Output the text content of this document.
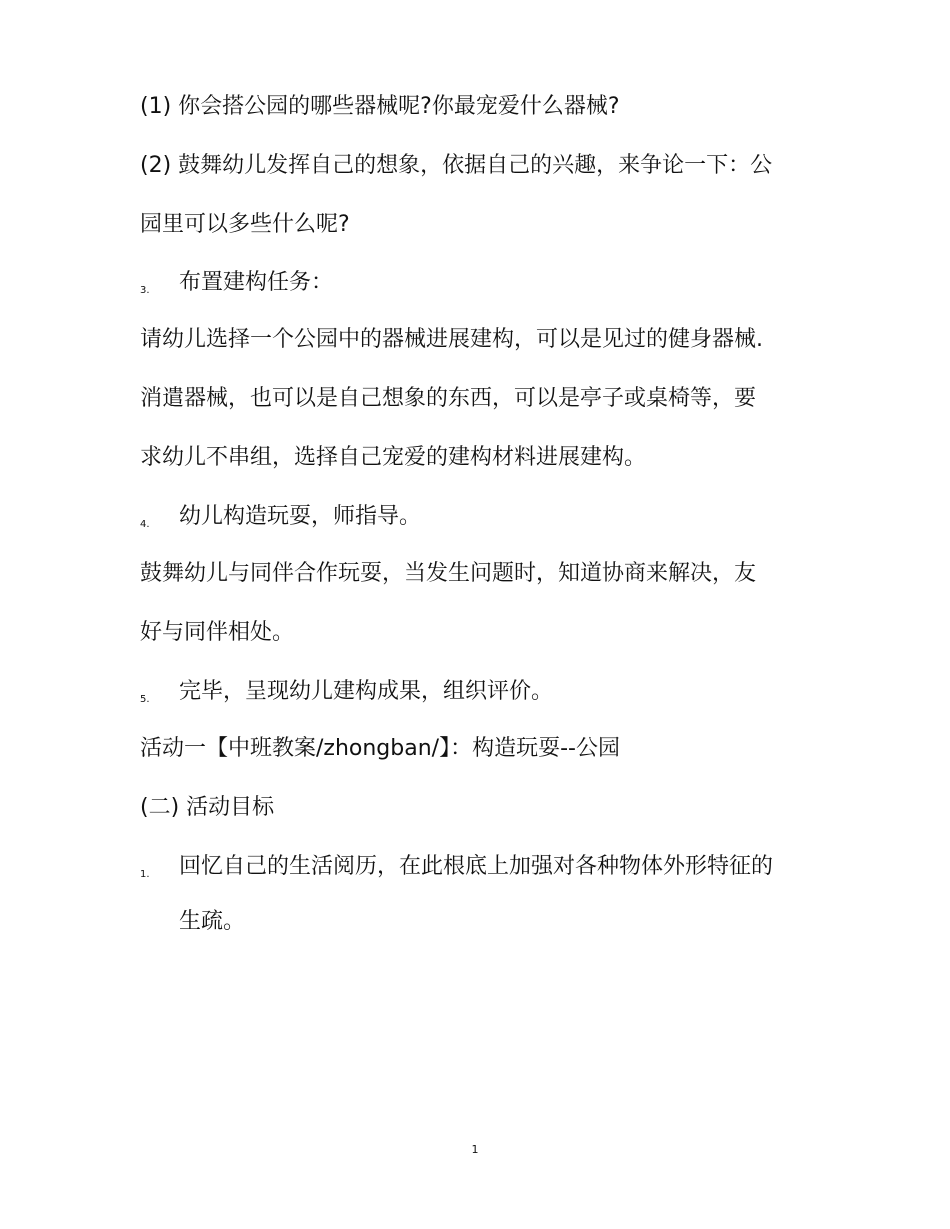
(1) 你会搭公园的哪些器械呢?你最宠爱什么器械?
(2) 鼓舞幼儿发挥自己的想象，依据自己的兴趣，来争论一下：公
园里可以多些什么呢?
3. 布置建构任务：
请幼儿选择一个公园中的器械进展建构，可以是见过的健身器械.
消遣器械，也可以是自己想象的东西，可以是亭子或桌椅等，要
求幼儿不串组，选择自己宠爱的建构材料进展建构。
4. 幼儿构造玩耍，师指导。
鼓舞幼儿与同伴合作玩耍，当发生问题时，知道协商来解决，友
好与同伴相处。
5. 完毕，呈现幼儿建构成果，组织评价。
活动一【中班教案/zhongban/】：构造玩耍--公园
(二) 活动目标
1. 回忆自己的生活阅历，在此根底上加强对各种物体外形特征的
生疏。
1
